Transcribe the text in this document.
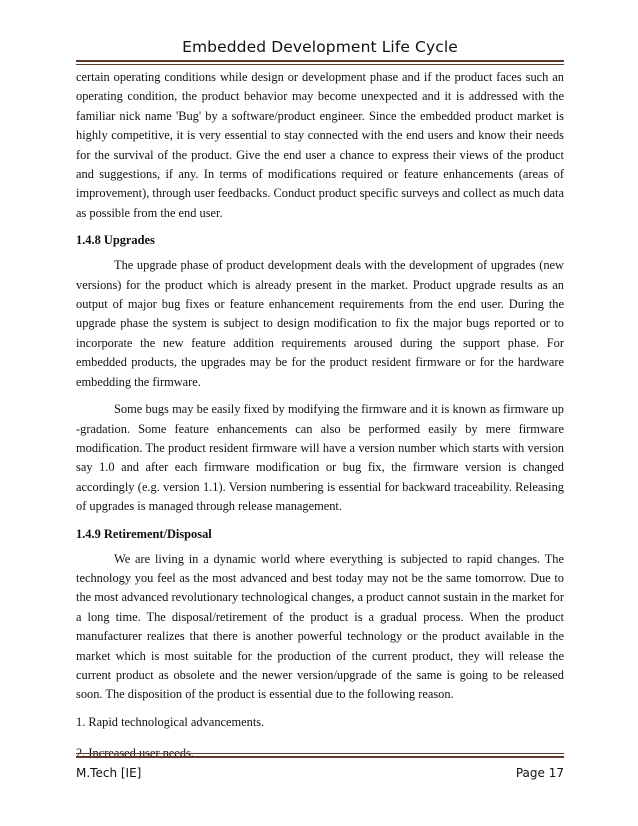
Embedded Development Life Cycle

certain operating conditions while design or development phase and if the product faces such an operating condition, the product behavior may become unexpected and it is addressed with the familiar nick name 'Bug' by a software/product engineer. Since the embedded product market is highly competitive, it is very essential to stay connected with the end users and know their needs for the survival of the product. Give the end user a chance to express their views of the product and suggestions, if any. In terms of modifications required or feature enhancements (areas of improvement), through user feedbacks. Conduct product specific surveys and collect as much data as possible from the end user.

1.4.8 Upgrades

The upgrade phase of product development deals with the development of upgrades (new versions) for the product which is already present in the market. Product upgrade results as an output of major bug fixes or feature enhancement requirements from the end user. During the upgrade phase the system is subject to design modification to fix the major bugs reported or to incorporate the new feature addition requirements aroused during the support phase. For embedded products, the upgrades may be for the product resident firmware or for the hardware embedding the firmware.

Some bugs may be easily fixed by modifying the firmware and it is known as firmware up -gradation. Some feature enhancements can also be performed easily by mere firmware modification. The product resident firmware will have a version number which starts with version say 1.0 and after each firmware modification or bug fix, the firmware version is changed accordingly (e.g. version 1.1). Version numbering is essential for backward traceability. Releasing of upgrades is managed through release management.

1.4.9 Retirement/Disposal

We are living in a dynamic world where everything is subjected to rapid changes. The technology you feel as the most advanced and best today may not be the same tomorrow. Due to the most advanced revolutionary technological changes, a product cannot sustain in the market for a long time. The disposal/retirement of the product is a gradual process. When the product manufacturer realizes that there is another powerful technology or the product available in the market which is most suitable for the production of the current product, they will release the current product as obsolete and the newer version/upgrade of the same is going to be released soon. The disposition of the product is essential due to the following reason.

1. Rapid technological advancements.

2. Increased user needs.

M.Tech [IE]	Page 17
